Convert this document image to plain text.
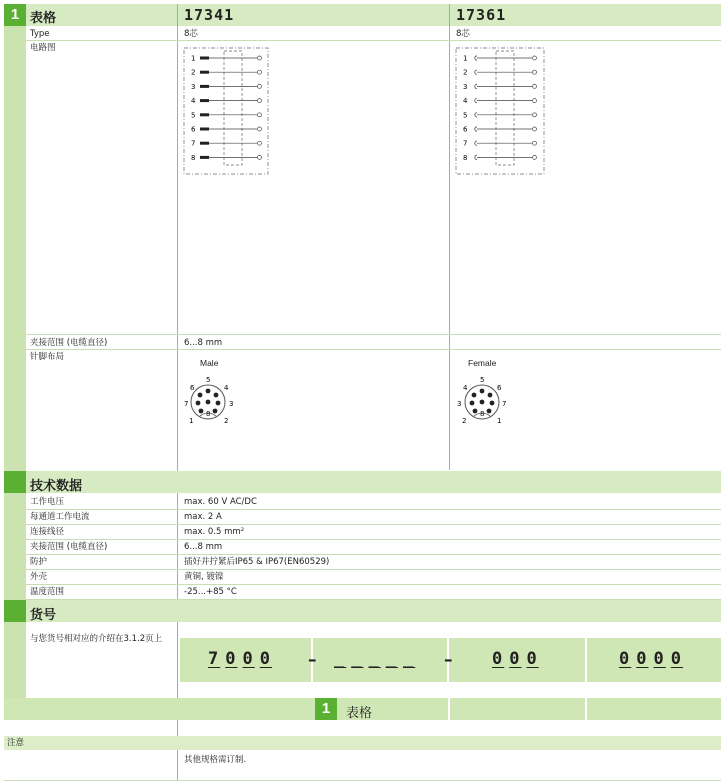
1 表格	17341	17361
Type	8芯	8芯
电路图
1
2
3
4
5
6
7
8
1
2
3
4
5
6
7
8
夹接范围 (电缆直径)	6...8 mm
针脚布局
Male	Female
5
6	4
7	3
1
8
2
5
4	6
3	7
2
8
1
技术数据
工作电压	max. 60 V AC/DC
每通道工作电流	max. 2 A
连接线径	max. 0.5 mm²
夹接范围 (电缆直径)	6...8 mm
防护	插好并拧紧后IP65 & IP67(EN60529)
外壳	黄铜, 镀镍
温度范围	-25...+85 °C
货号
与您货号相对应的介绍在3.1.2页上
7 0 0 0 – _ _ _ _ _ – 0 0 0	0 0 0 0
1	表格
注意
其他规格需订制.
